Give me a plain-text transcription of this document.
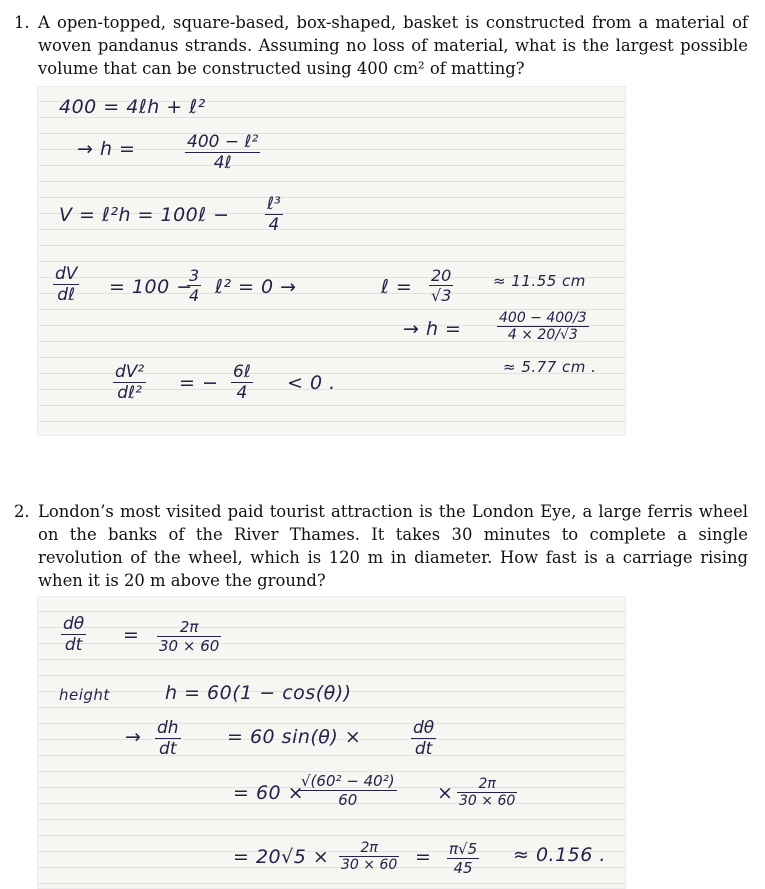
1. A open-topped, square-based, box-shaped, basket is constructed from a material of woven pandanus strands. Assuming no loss of material, what is the largest possible volume that can be constructed using 400 cm² of matting?
400 = 4ℓh + ℓ²
→ h =	400 − ℓ²
4ℓ
V = ℓ²h = 100ℓ − ℓ³
4
dV
dℓ = 100 −
$\frac{3}{4}$ ℓ² = 0 →	ℓ = $\frac{20}{√3}$	≈ 11.55 cm
→ h =	$\frac{400 - 400/3}{4 \times 20/√3}$
≈ 5.77 cm .
dV²
dℓ² = − 6ℓ
4 < 0 .
2. London’s most visited paid tourist attraction is the London Eye, a large ferris wheel on the banks of the River Thames. It takes 30 minutes to complete a single revolution of the wheel, which is 120 m in diameter. How fast is a carriage rising when it is 20 m above the ground?
$\frac{d\theta}{dt} = \frac{2\pi}{30 \times 60}$
height	h = 60(1 − cos(θ))
→ $\frac{dh}{dt} = 60$ sin(θ) ×	$\frac{d\theta}{dt}$
= 60 ×
$\frac{\text{√(60² − 40²)}}{60} \times \frac{2\pi}{30 \times 60}$
= $20√5 \times \frac{2\pi}{30 \times 60} = \frac{\pi√5}{45} \approx 0.156$ .
